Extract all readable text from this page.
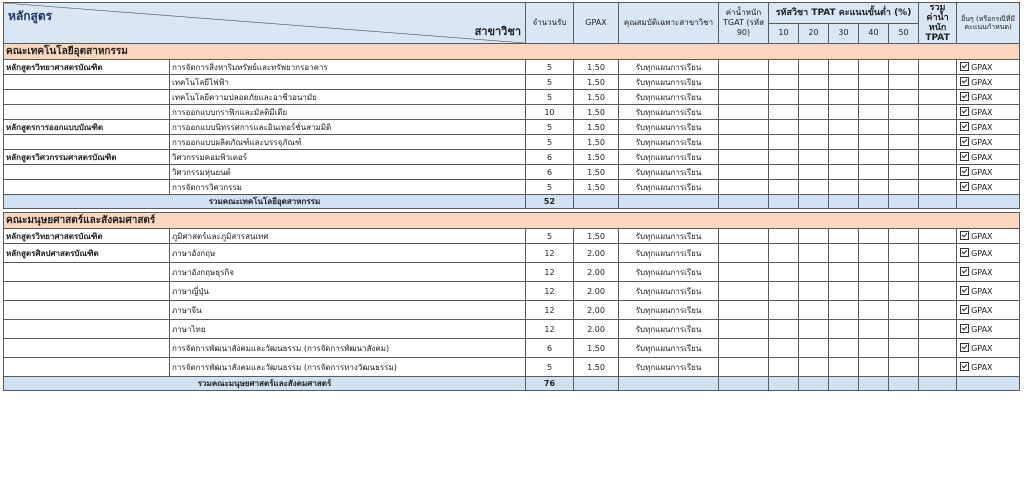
หลักสูตร
สาขาวิชา		จำนวนรับ	GPAX	คุณสมบัติเฉพาะสาขาวิชา	ค่าน้ำหนัก TGAT (รหัส 90)	รหัสวิชา TPAT คะแนนขั้นต่ำ (%)					รวมค่าน้ำหนัก TPAT	อื่นๆ (หรือกรณีที่มีคะแนนกำหนด)
						10	20	30	40	50		
คณะเทคโนโลยีอุตสาหกรรม												
หลักสูตรวิทยาศาสตรบัณฑิต	การจัดการสิ่งหาริมทรัพย์และทรัพยากรอาคาร	5	1.50	รับทุกแผนการเรียน								GPAX
	เทคโนโลยีไฟฟ้า	5	1.50	รับทุกแผนการเรียน								GPAX
	เทคโนโลยีความปลอดภัยและอาชีวอนามัย	5	1.50	รับทุกแผนการเรียน								GPAX
	การออกแบบกราฟิกและมัลติมีเดีย	10	1.50	รับทุกแผนการเรียน								GPAX
หลักสูตรการออกแบบบัณฑิต	การออกแบบนิทรรศการและอินเทอร์ชั่นสามมิติ	5	1.50	รับทุกแผนการเรียน								GPAX
	การออกแบบผลิตภัณฑ์และบรรจุภัณฑ์	5	1.50	รับทุกแผนการเรียน								GPAX
หลักสูตรวิศวกรรมศาสตรบัณฑิต	วิศวกรรมคอมพิวเตอร์	6	1.50	รับทุกแผนการเรียน								GPAX
	วิศวกรรมหุ่นยนต์	6	1.50	รับทุกแผนการเรียน								GPAX
	การจัดการวิศวกรรม	5	1.50	รับทุกแผนการเรียน								GPAX
รวมคณะเทคโนโลยีอุตสาหกรรม		52										

คณะมนุษยศาสตร์และสังคมศาสตร์												
หลักสูตรวิทยาศาสตรบัณฑิต	ภูมิศาสตร์และภูมิสารสนเทศ	5	1.50	รับทุกแผนการเรียน								GPAX
หลักสูตรศิลปศาสตรบัณฑิต	ภาษาอังกฤษ	12	2.00	รับทุกแผนการเรียน								GPAX
	ภาษาอังกฤษธุรกิจ	12	2.00	รับทุกแผนการเรียน								GPAX
	ภาษาญี่ปุ่น	12	2.00	รับทุกแผนการเรียน								GPAX
	ภาษาจีน	12	2.00	รับทุกแผนการเรียน								GPAX
	ภาษาไทย	12	2.00	รับทุกแผนการเรียน								GPAX
	การจัดการพัฒนาสังคมและวัฒนธรรม (การจัดการพัฒนาสังคม)	6	1.50	รับทุกแผนการเรียน								GPAX
	การจัดการพัฒนาสังคมและวัฒนธรรม (การจัดการทางวัฒนธรรม)	5	1.50	รับทุกแผนการเรียน								GPAX
รวมคณะมนุษยศาสตร์และสังคมศาสตร์		76										
